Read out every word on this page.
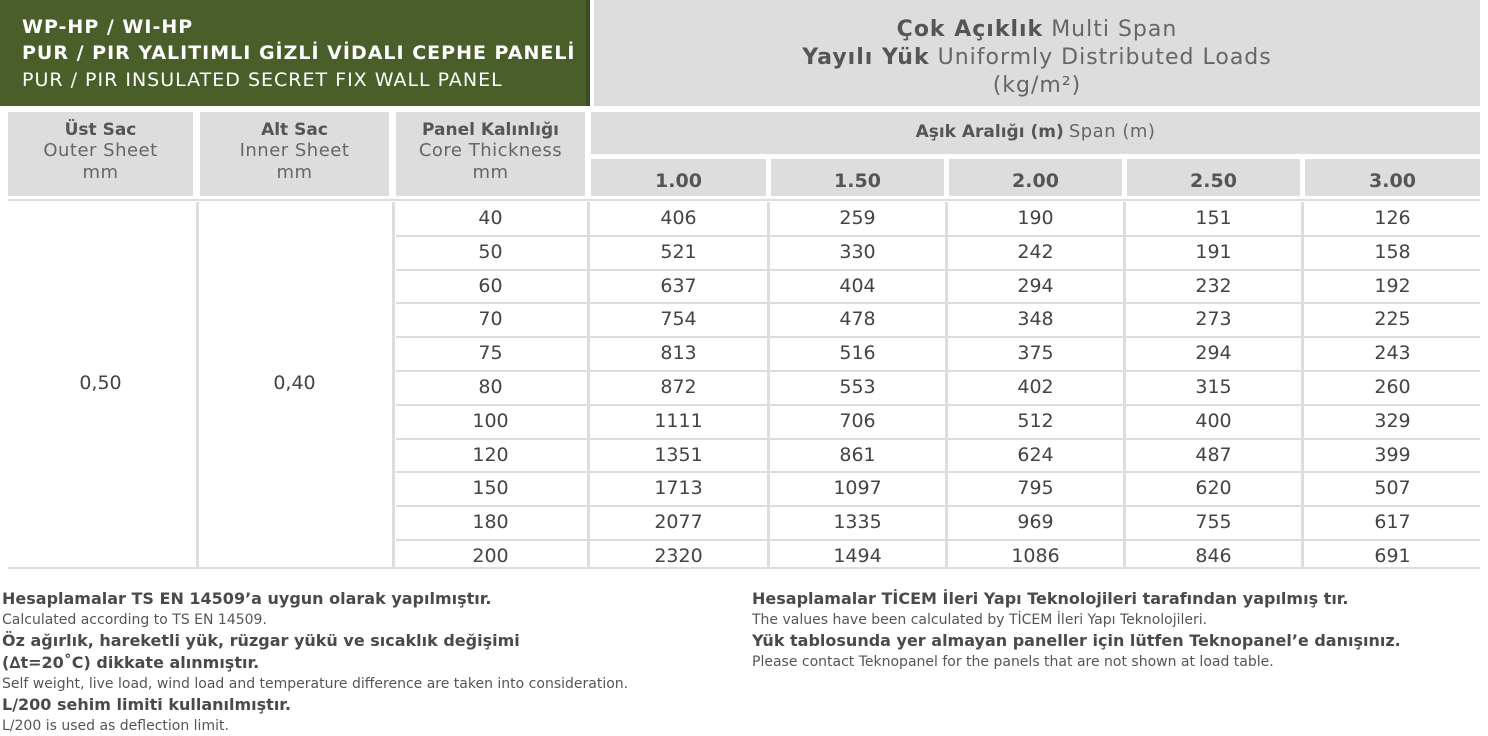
WP-HP / WI-HP
PUR / PIR YALITIMLI GİZLİ VİDALI CEPHE PANELİ
PUR / PIR INSULATED SECRET FIX WALL PANEL
Çok Açıklık Multi Span
Yayılı Yük Uniformly Distributed Loads
(kg/m²)
Üst Sac
Outer Sheet
mm
Alt Sac
Inner Sheet
mm
Panel Kalınlığı
Core Thickness
mm
Aşık Aralığı (m) Span (m)
1.00	1.50	2.00	2.50	3.00
0,50	0,40
40	406	259	190	151	126
50	521	330	242	191	158
60	637	404	294	232	192
70	754	478	348	273	225
75	813	516	375	294	243
80	872	553	402	315	260
100	1111	706	512	400	329
120	1351	861	624	487	399
150	1713	1097	795	620	507
180	2077	1335	969	755	617
200	2320	1494	1086	846	691
Hesaplamalar TS EN 14509’a uygun olarak yapılmıştır.
Calculated according to TS EN 14509.
Öz ağırlık, hareketli yük, rüzgar yükü ve sıcaklık değişimi
(∆t=20˚C) dikkate alınmıştır.
Self weight, live load, wind load and temperature difference are taken into consideration.
L/200 sehim limiti kullanılmıştır.
L/200 is used as deflection limit.
Hesaplamalar TİCEM İleri Yapı Teknolojileri tarafından yapılmış tır.
The values have been calculated by TİCEM İleri Yapı Teknolojileri.
Yük tablosunda yer almayan paneller için lütfen Teknopanel’e danışınız.
Please contact Teknopanel for the panels that are not shown at load table.
